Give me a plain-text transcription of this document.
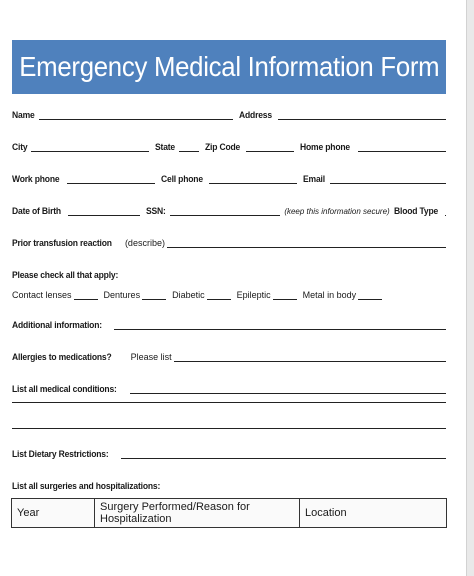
Emergency Medical Information Form
Name	Address
City	State	Zip Code	Home phone
Work phone	Cell phone	Email
Date of Birth	SSN:	(keep this information secure) Blood Type
Prior transfusion reaction (describe)
Please check all that apply:
Contact lenses	Dentures	Diabetic	Epileptic	Metal in body
Additional information:
Allergies to medications?	Please list
List all medical conditions:
List Dietary Restrictions:
List all surgeries and hospitalizations:
Year	Surgery Performed/Reason for Hospitalization	Location
